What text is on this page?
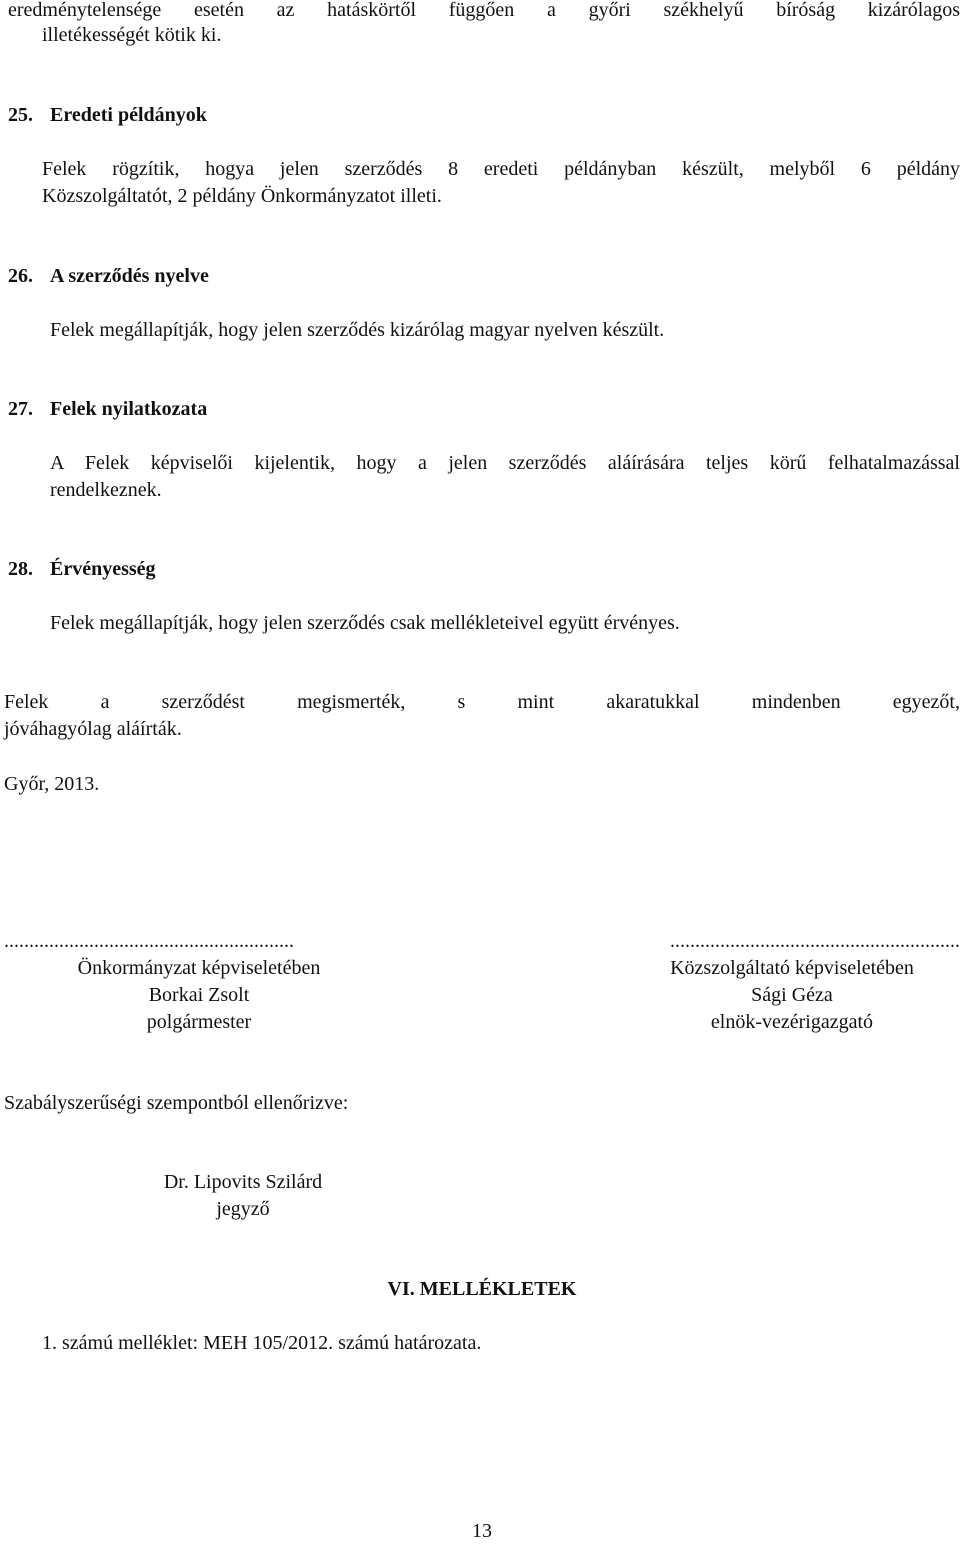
eredménytelensége esetén az hatáskörtől függően a győri székhelyű bíróság kizárólagos
illetékességét kötik ki.
25. Eredeti példányok
Felek rögzítik, hogya jelen szerződés 8 eredeti példányban készült, melyből 6 példány
Közszolgáltatót, 2 példány Önkormányzatot illeti.
26. A szerződés nyelve
Felek megállapítják, hogy jelen szerződés kizárólag magyar nyelven készült.
27. Felek nyilatkozata
A Felek képviselői kijelentik, hogy a jelen szerződés aláírására teljes körű felhatalmazással
rendelkeznek.
28. Érvényesség
Felek megállapítják, hogy jelen szerződés csak mellékleteivel együtt érvényes.
Felek a szerződést megismerték, s mint akaratukkal mindenben egyezőt,
jóváhagyólag aláírták.
Győr, 2013.
..........................................................
Önkormányzat képviseletében
Borkai Zsolt
polgármester
..........................................................
Közszolgáltató képviseletében
Sági Géza
elnök-vezérigazgató
Szabályszerűségi szempontból ellenőrizve:
Dr. Lipovits Szilárd
jegyző
VI. MELLÉKLETEK
1. számú melléklet: MEH 105/2012. számú határozata.
13
